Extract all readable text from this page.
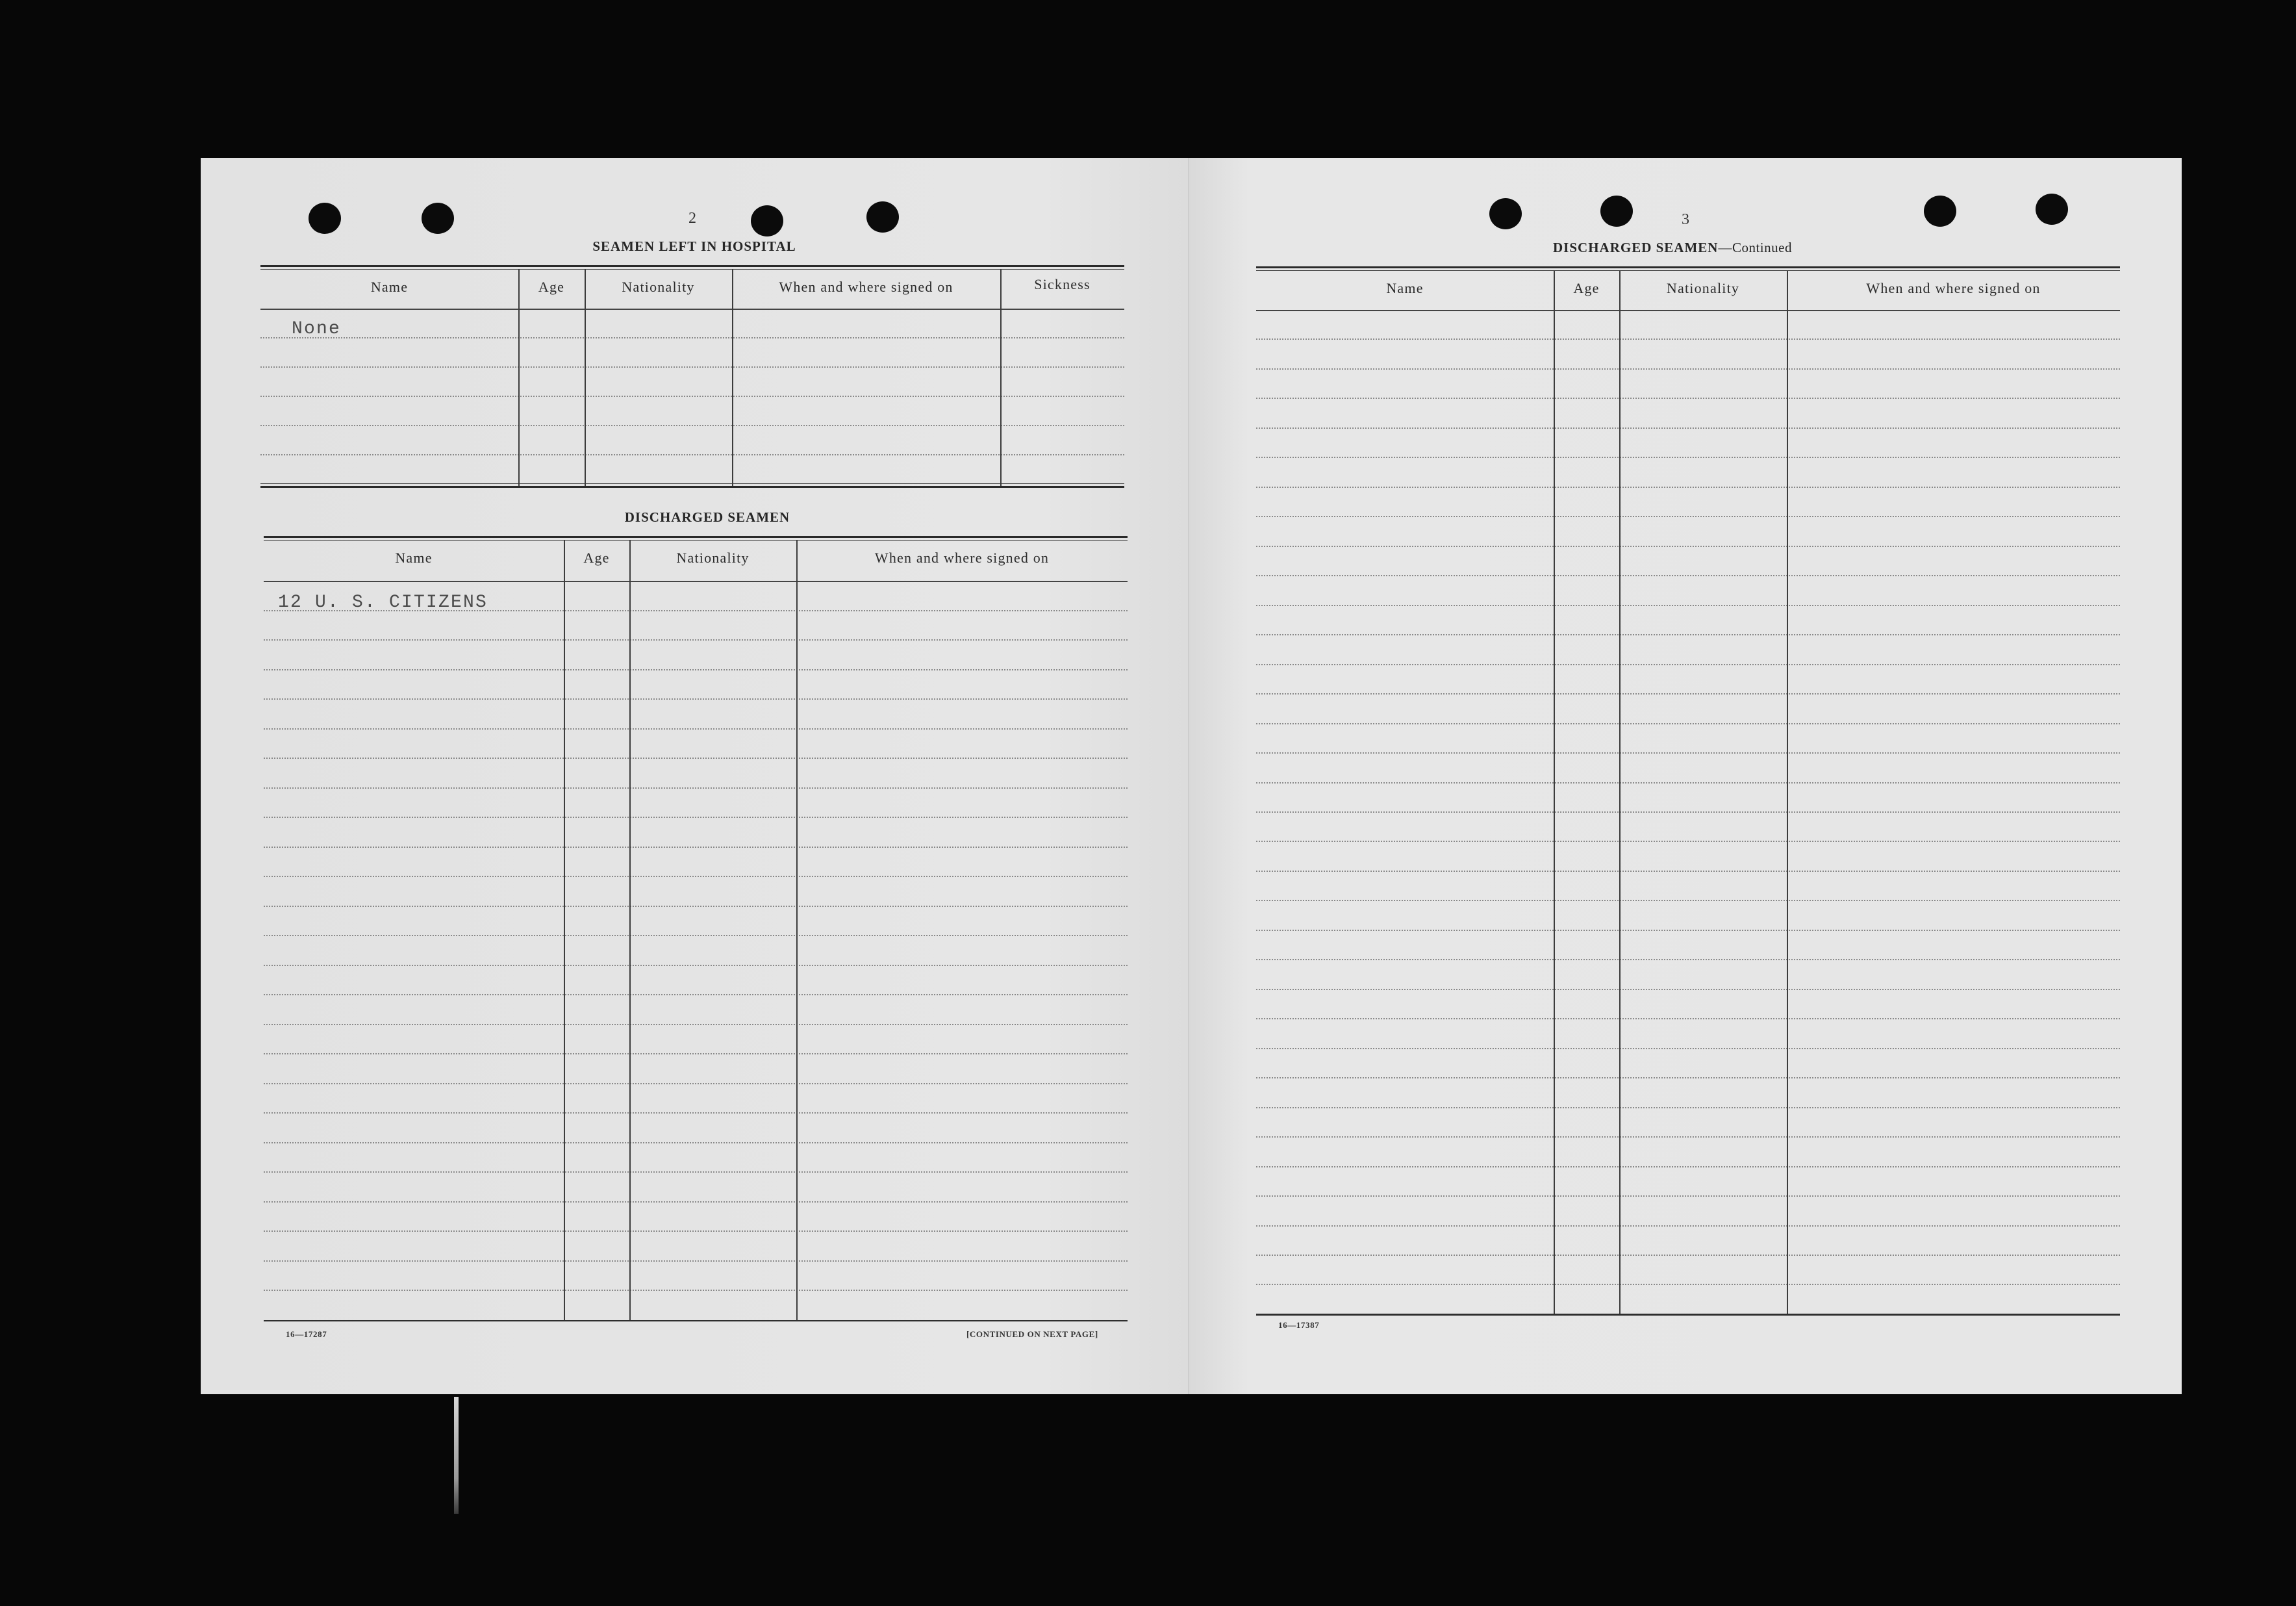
2
SEAMEN LEFT IN HOSPITAL
Name	Age	Nationality	When and where signed on	Sickness
None
DISCHARGED SEAMEN
Name	Age	Nationality	When and where signed on
12 U. S. CITIZENS
16—17287	[CONTINUED ON NEXT PAGE]
3
DISCHARGED SEAMEN—Continued
Name	Age	Nationality	When and where signed on
16—17387
